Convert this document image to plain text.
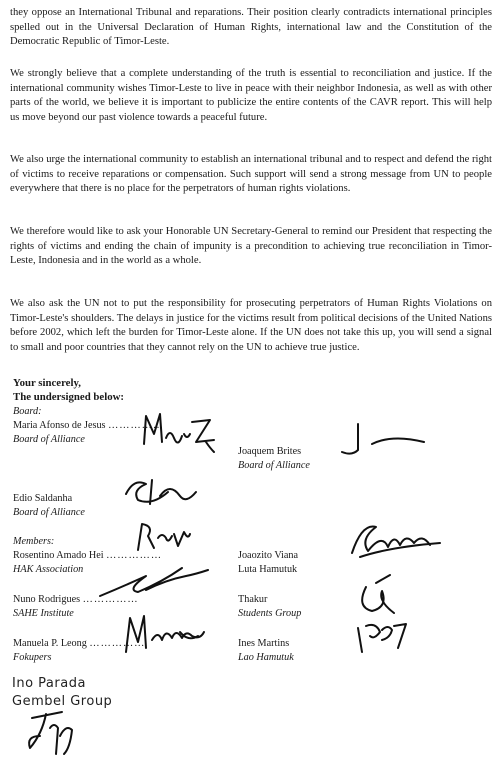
they oppose an International Tribunal and reparations. Their position clearly contradicts international principles spelled out in the Universal Declaration of Human Rights, international law and the Constitution of the Democratic Republic of Timor-Leste.

We strongly believe that a complete understanding of the truth is essential to reconciliation and justice. If the international community wishes Timor-Leste to live in peace with their neighbor Indonesia, as well as with other parts of the world, we believe it is important to publicize the entire contents of the CAVR report. This will help us move beyond our past violence towards a peaceful future.

We also urge the international community to establish an international tribunal and to respect and defend the right of victims to receive reparations or compensation. Such support will send a strong message from UN to people everywhere that there is no place for the perpetrators of human rights violations.

We therefore would like to ask your Honorable UN Secretary-General to remind our President that respecting the rights of victims and ending the chain of impunity is a precondition to achieving true reconciliation in Timor-Leste, Indonesia and in the world as a whole.

We also ask the UN not to put the responsibility for prosecuting perpetrators of Human Rights Violations on Timor-Leste's shoulders. The delays in justice for the victims result from political decisions of the United Nations before 2002, which left the burden for Timor-Leste alone. If the UN does not take this up, you will send a signal to small and poor countries that they cannot rely on the UN to achieve true justice.

Your sincerely,
The undersigned below:
Board:
Maria Afonso de Jesus ……………
Board of Alliance
Joaquem Brites
Board of Alliance
Edio Saldanha
Board of Alliance
Members:
Rosentino Amado Hei ……………
HAK Association
Joaozito Viana
Luta Hamutuk
Nuno Rodrigues ……………
SAHE Institute
Thakur
Students Group
Manuela P. Leong ……………
Fokupers
Ines Martins
Lao Hamutuk
Ino Parada
Gembel Group
